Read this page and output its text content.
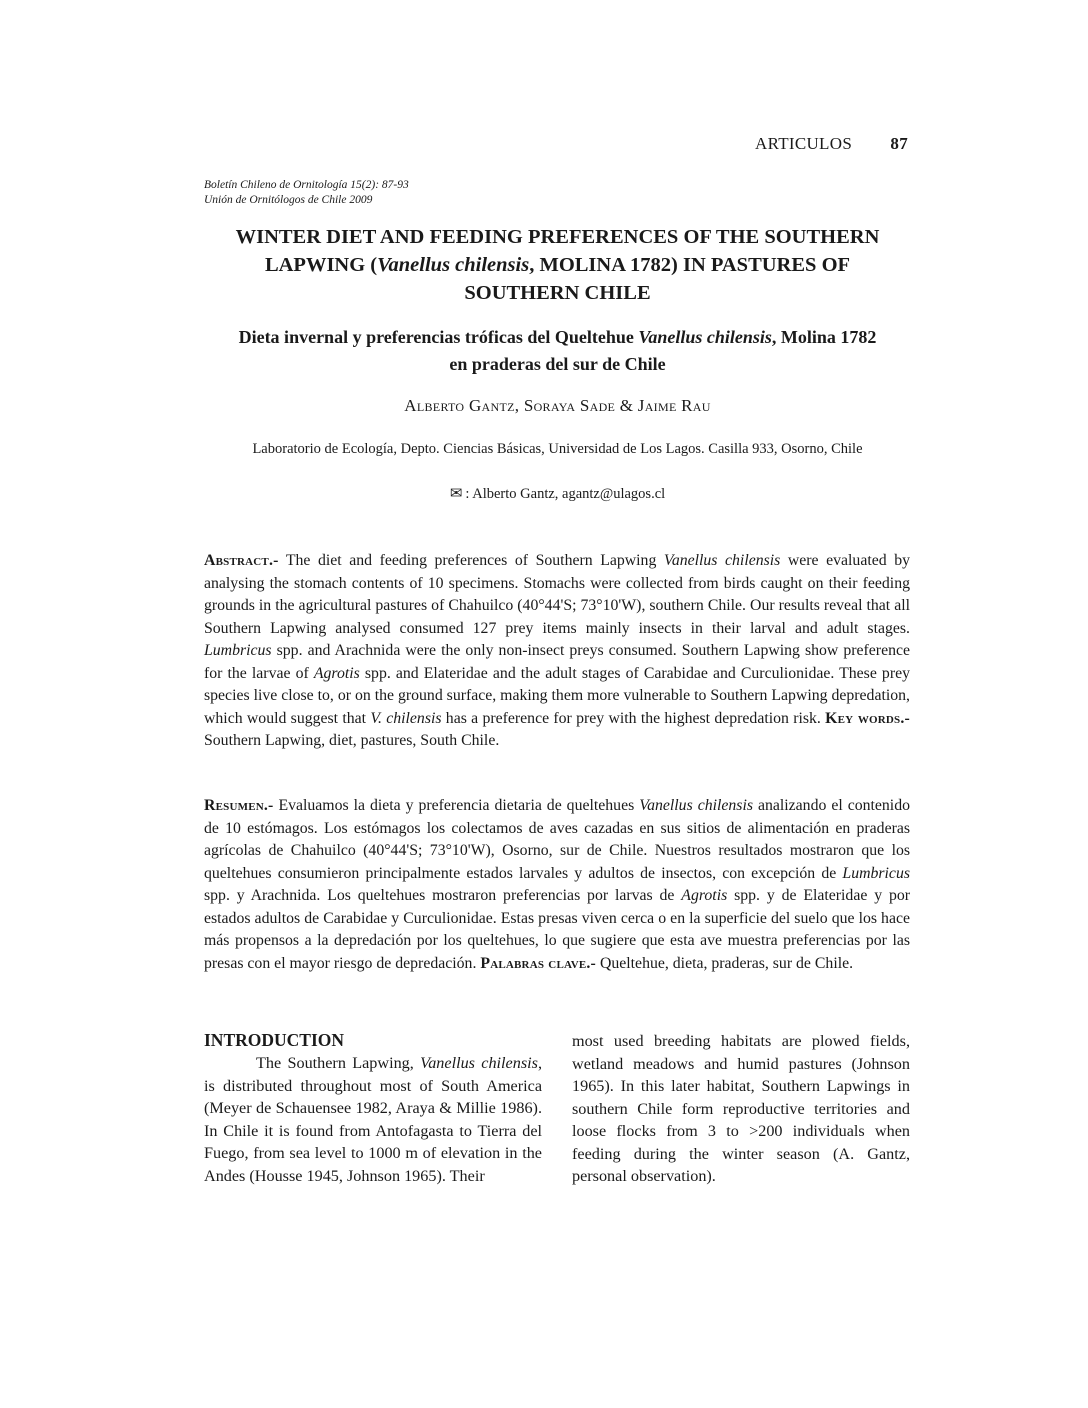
ARTICULOS 87
Boletín Chileno de Ornitología 15(2): 87-93
Unión de Ornitólogos de Chile 2009
WINTER DIET AND FEEDING PREFERENCES OF THE SOUTHERN
LAPWING (Vanellus chilensis, MOLINA 1782) IN PASTURES OF
SOUTHERN CHILE
Dieta invernal y preferencias tróficas del Queltehue Vanellus chilensis, Molina 1782
en praderas del sur de Chile
Alberto Gantz, Soraya Sade & Jaime Rau
Laboratorio de Ecología, Depto. Ciencias Básicas, Universidad de Los Lagos. Casilla 933, Osorno, Chile
✉ : Alberto Gantz, agantz@ulagos.cl
Abstract.- The diet and feeding preferences of Southern Lapwing Vanellus chilensis were evaluated by analysing the stomach contents of 10 specimens. Stomachs were collected from birds caught on their feeding grounds in the agricultural pastures of Chahuilco (40°44'S; 73°10'W), southern Chile. Our results reveal that all Southern Lapwing analysed consumed 127 prey items mainly insects in their larval and adult stages. Lumbricus spp. and Arachnida were the only non-insect preys consumed. Southern Lapwing show preference for the larvae of Agrotis spp. and Elateridae and the adult stages of Carabidae and Curculionidae. These prey species live close to, or on the ground surface, making them more vulnerable to Southern Lapwing depredation, which would suggest that V. chilensis has a preference for prey with the highest depredation risk. Key words.- Southern Lapwing, diet, pastures, South Chile.
Resumen.- Evaluamos la dieta y preferencia dietaria de queltehues Vanellus chilensis analizando el contenido de 10 estómagos. Los estómagos los colectamos de aves cazadas en sus sitios de alimentación en praderas agrícolas de Chahuilco (40°44'S; 73°10'W), Osorno, sur de Chile. Nuestros resultados mostraron que los queltehues consumieron principalmente estados larvales y adultos de insectos, con excepción de Lumbricus spp. y Arachnida. Los queltehues mostraron preferencias por larvas de Agrotis spp. y de Elateridae y por estados adultos de Carabidae y Curculionidae. Estas presas viven cerca o en la superficie del suelo que los hace más propensos a la depredación por los queltehues, lo que sugiere que esta ave muestra preferencias por las presas con el mayor riesgo de depredación. Palabras clave.- Queltehue, dieta, praderas, sur de Chile.
INTRODUCTION
The Southern Lapwing, Vanellus chilensis, is distributed throughout most of South America (Meyer de Schauensee 1982, Araya & Millie 1986). In Chile it is found from Antofagasta to Tierra del Fuego, from sea level to 1000 m of elevation in the Andes (Housse 1945, Johnson 1965). Their
most used breeding habitats are plowed fields, wetland meadows and humid pastures (Johnson 1965). In this later habitat, Southern Lapwings in southern Chile form reproductive territories and loose flocks from 3 to >200 individuals when feeding during the winter season (A. Gantz, personal observation).
